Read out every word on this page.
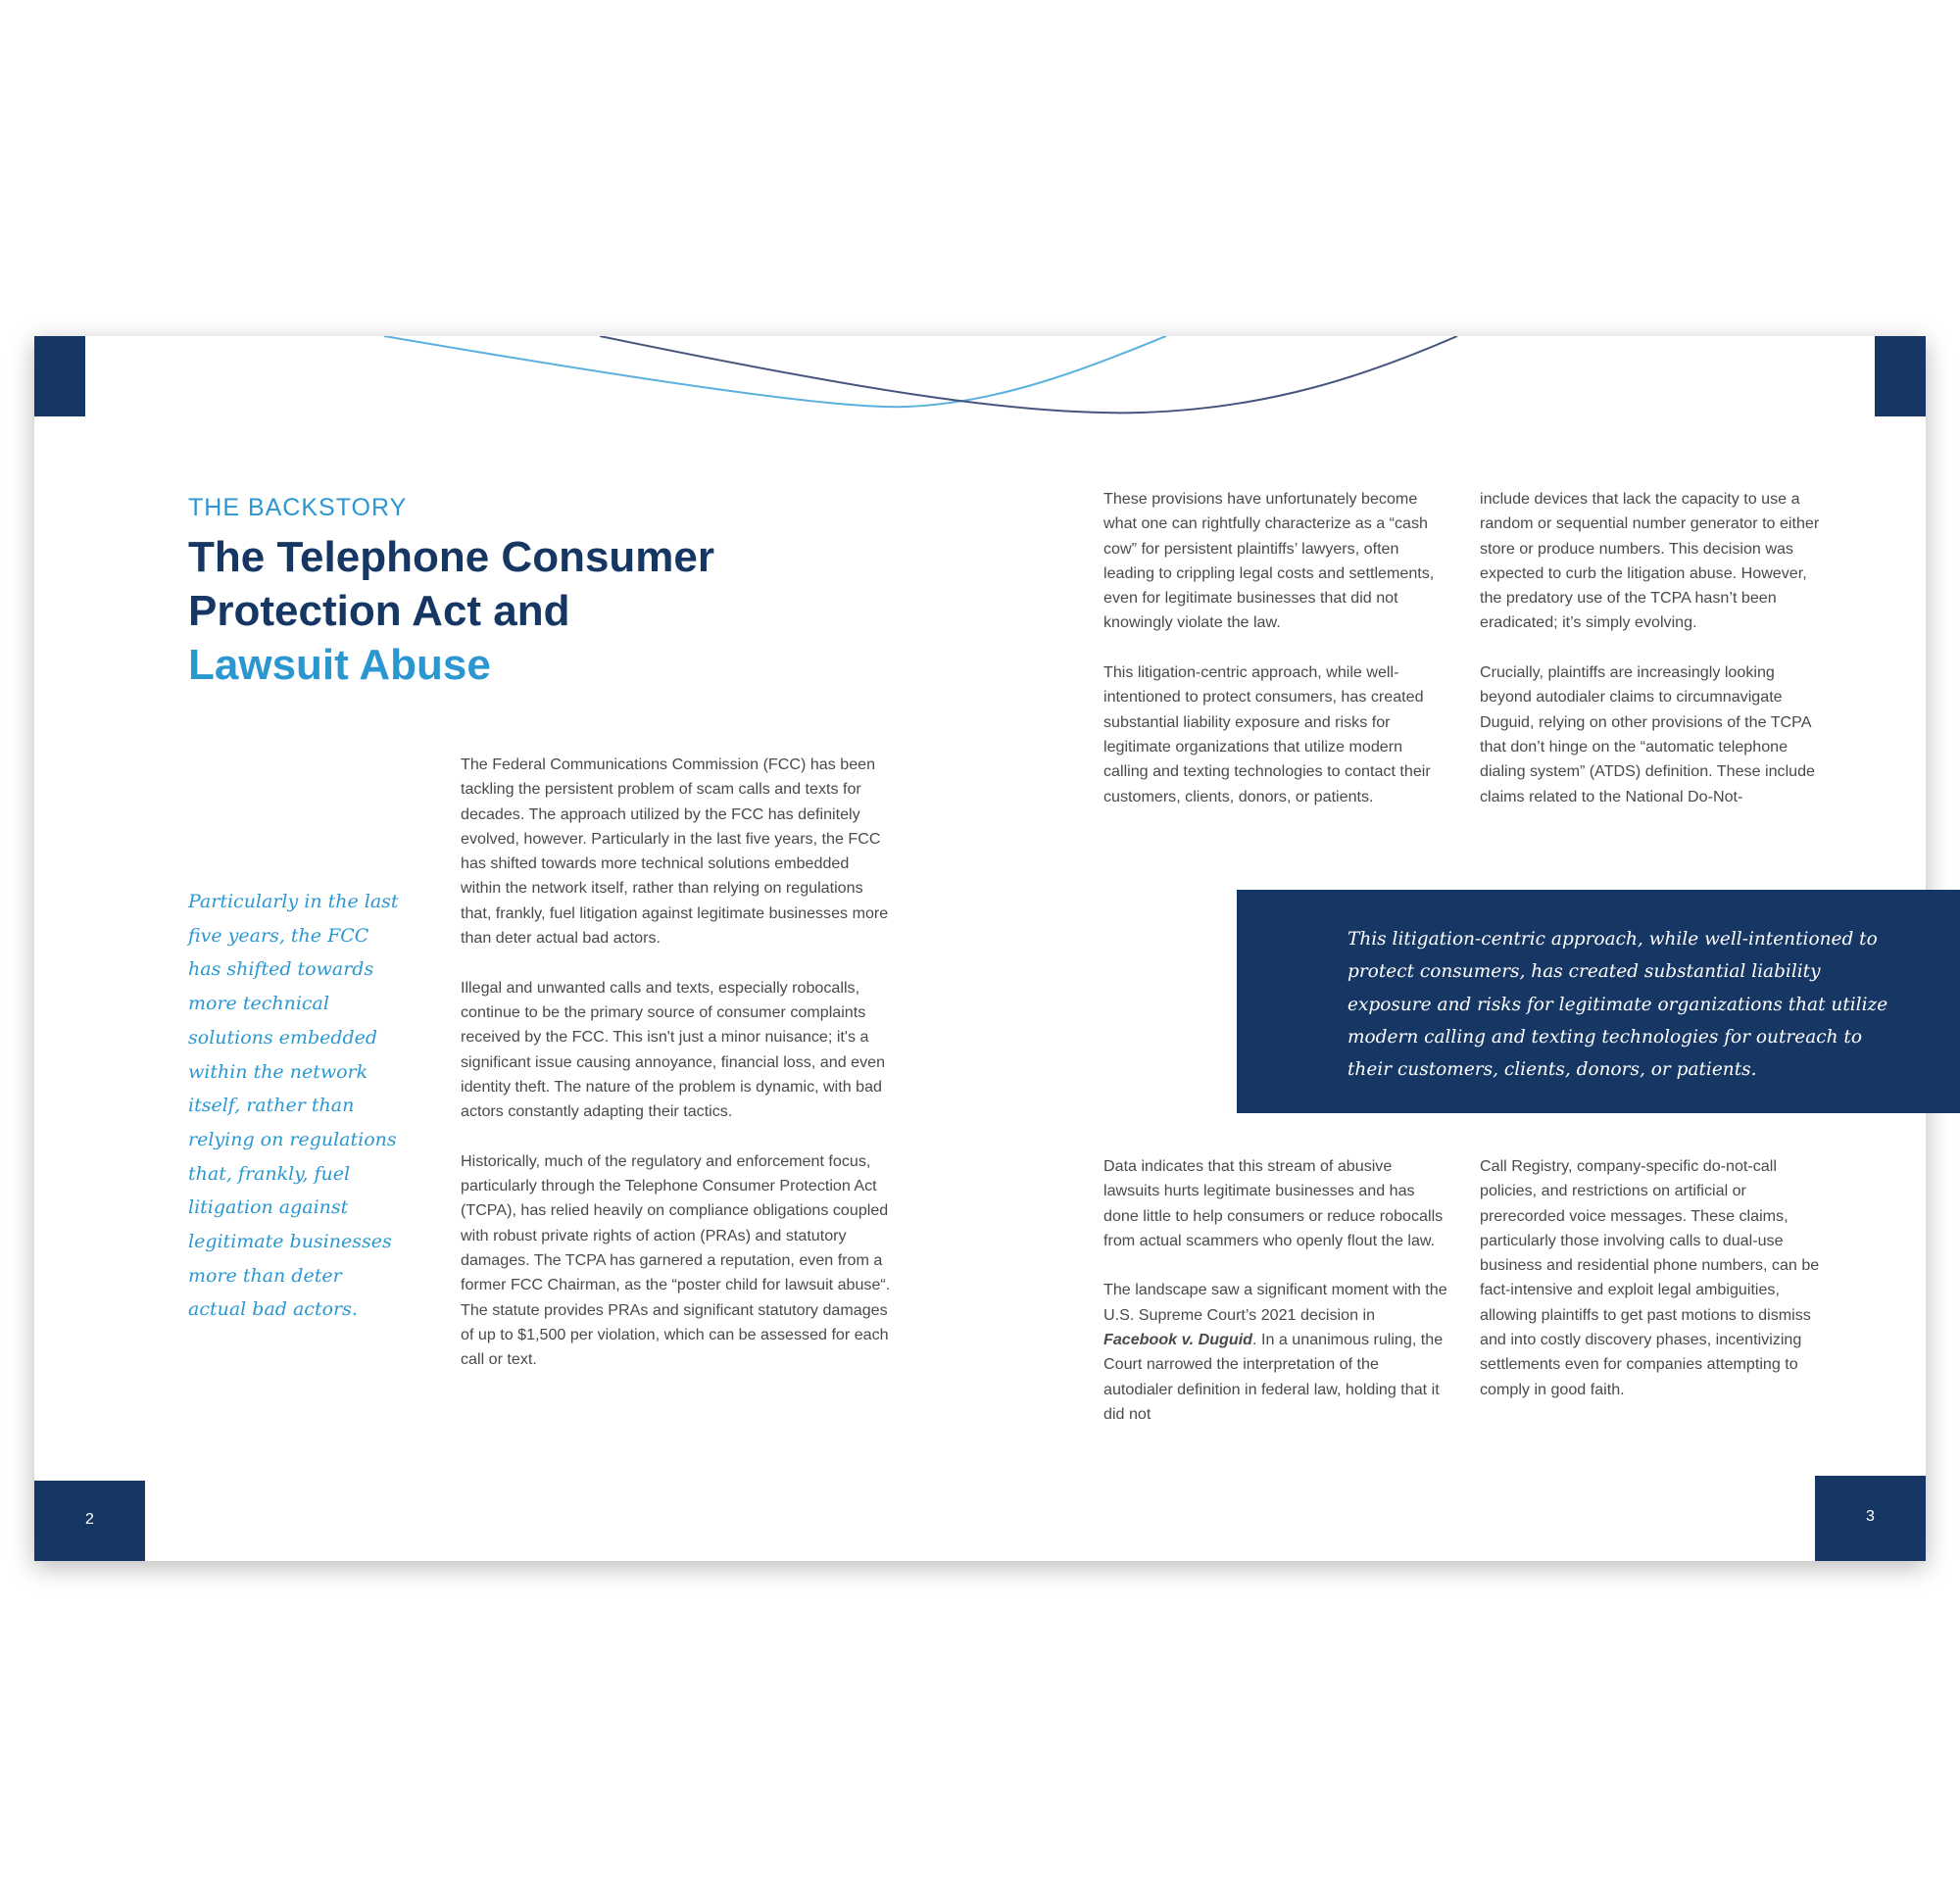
THE BACKSTORY
The Telephone Consumer
Protection Act and
Lawsuit Abuse
Particularly in the last five years, the FCC has shifted towards more technical solutions embedded within the network itself, rather than relying on regulations that, frankly, fuel litigation against legitimate businesses more than deter actual bad actors.

The Federal Communications Commission (FCC) has been tackling the persistent problem of scam calls and texts for decades. The approach utilized by the FCC has definitely evolved, however. Particularly in the last five years, the FCC has shifted towards more technical solutions embedded within the network itself, rather than relying on regulations that, frankly, fuel litigation against legitimate businesses more than deter actual bad actors.

Illegal and unwanted calls and texts, especially robocalls, continue to be the primary source of consumer complaints received by the FCC. This isn't just a minor nuisance; it's a significant issue causing annoyance, financial loss, and even identity theft. The nature of the problem is dynamic, with bad actors constantly adapting their tactics.

Historically, much of the regulatory and enforcement focus, particularly through the Telephone Consumer Protection Act (TCPA), has relied heavily on compliance obligations coupled with robust private rights of action (PRAs) and statutory damages. The TCPA has garnered a reputation, even from a former FCC Chairman, as the “poster child for lawsuit abuse“. The statute provides PRAs and significant statutory damages of up to $1,500 per violation, which can be assessed for each call or text.

2

These provisions have unfortunately become what one can rightfully characterize as a “cash cow” for persistent plaintiffs’ lawyers, often leading to crippling legal costs and settlements, even for legitimate businesses that did not knowingly violate the law.

This litigation-centric approach, while well-intentioned to protect consumers, has created substantial liability exposure and risks for legitimate organizations that utilize modern calling and texting technologies to contact their customers, clients, donors, or patients.

include devices that lack the capacity to use a random or sequential number generator to either store or produce numbers. This decision was expected to curb the litigation abuse. However, the predatory use of the TCPA hasn’t been eradicated; it’s simply evolving.

Crucially, plaintiffs are increasingly looking beyond autodialer claims to circumnavigate Duguid, relying on other provisions of the TCPA that don’t hinge on the “automatic telephone dialing system” (ATDS) definition. These include claims related to the National Do-Not-

Data indicates that this stream of abusive lawsuits hurts legitimate businesses and has done little to help consumers or reduce robocalls from actual scammers who openly flout the law.

The landscape saw a significant moment with the U.S. Supreme Court’s 2021 decision in Facebook v. Duguid. In a unanimous ruling, the Court narrowed the interpretation of the autodialer definition in federal law, holding that it did not

Call Registry, company-specific do-not-call policies, and restrictions on artificial or prerecorded voice messages. These claims, particularly those involving calls to dual-use business and residential phone numbers, can be fact-intensive and exploit legal ambiguities, allowing plaintiffs to get past motions to dismiss and into costly discovery phases, incentivizing settlements even for companies attempting to comply in good faith.

3
This litigation-centric approach, while well-intentioned to protect consumers, has created substantial liability exposure and risks for legitimate organizations that utilize modern calling and texting technologies for outreach to their customers, clients, donors, or patients.
